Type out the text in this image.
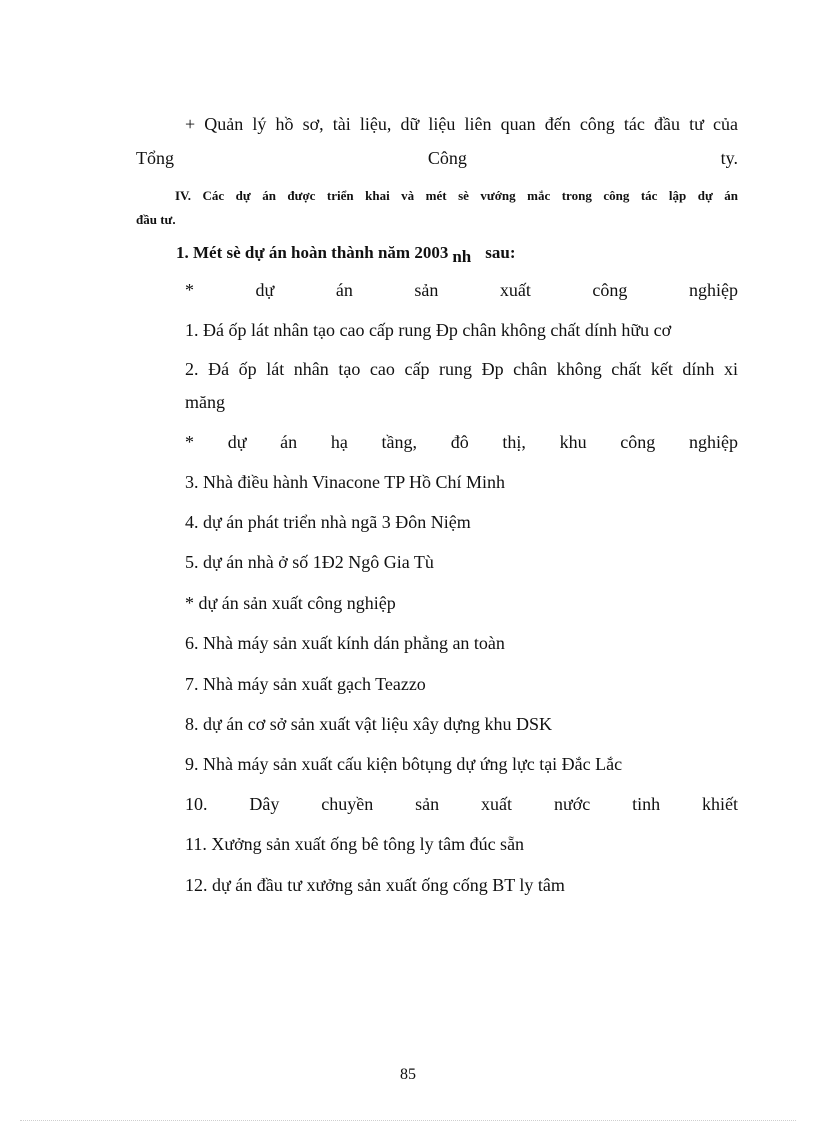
+ Quản lý hồ sơ, tài liệu, dữ liệu liên quan đến công tác đầu tư của
Tổng	Công	ty.
IV. Các dự án được triển khai và mét sè vướng mắc trong công tác lập dự án
đầu tư.
1. Mét sè dự án hoàn thành năm 2003 nh sau:
*	dự	án	sản	xuất	công	nghiệp
1. Đá ốp lát nhân tạo cao cấp rung Đp chân không chất dính hữu cơ
2. Đá ốp lát nhân tạo cao cấp rung Đp chân không chất kết dính xi
măng
* dự án hạ tầng, đô thị, khu công nghiệp
3. Nhà điều hành Vinacone TP Hồ Chí Minh
4. dự án phát triển nhà ngã 3 Đôn Niệm
5. dự án nhà ở số 1Đ2 Ngô Gia Tù
* dự án sản xuất công nghiệp
6. Nhà máy sản xuất kính dán phẳng an toàn
7. Nhà máy sản xuất gạch Teazzo
8. dự án cơ sở sản xuất vật liệu xây dựng khu DSK
9. Nhà máy sản xuất cấu kiện bôtụng dự ứng lực tại Đắc Lắc
10. Dây chuyền sản xuất nước tinh khiết
11. Xưởng sản xuất ống bê tông ly tâm đúc sẵn
12. dự án đầu tư xưởng sản xuất ống cống BT ly tâm
85
